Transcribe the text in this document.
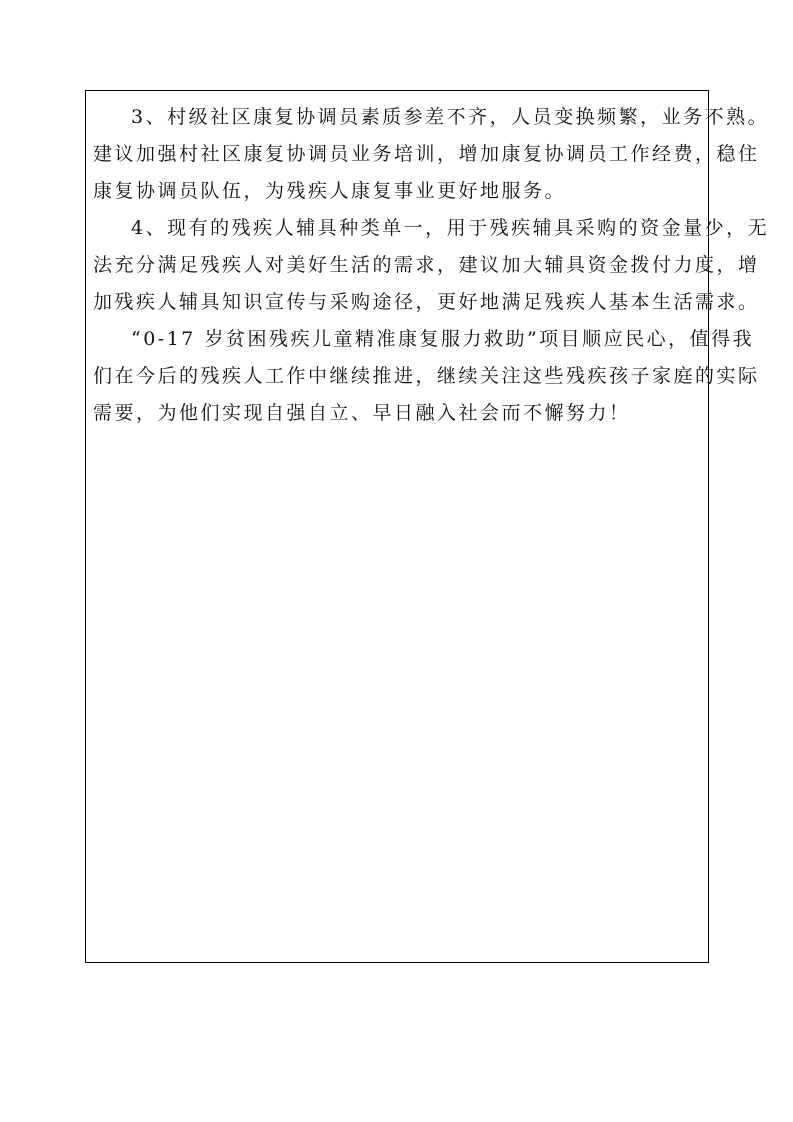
3、村级社区康复协调员素质参差不齐，人员变换频繁，业务不熟。
建议加强村社区康复协调员业务培训，增加康复协调员工作经费，稳住
康复协调员队伍，为残疾人康复事业更好地服务。
4、现有的残疾人辅具种类单一，用于残疾辅具采购的资金量少，无
法充分满足残疾人对美好生活的需求，建议加大辅具资金拨付力度，增
加残疾人辅具知识宣传与采购途径，更好地满足残疾人基本生活需求。
“0-17 岁贫困残疾儿童精准康复服力救助”项目顺应民心，值得我
们在今后的残疾人工作中继续推进，继续关注这些残疾孩子家庭的实际
需要，为他们实现自强自立、早日融入社会而不懈努力！
